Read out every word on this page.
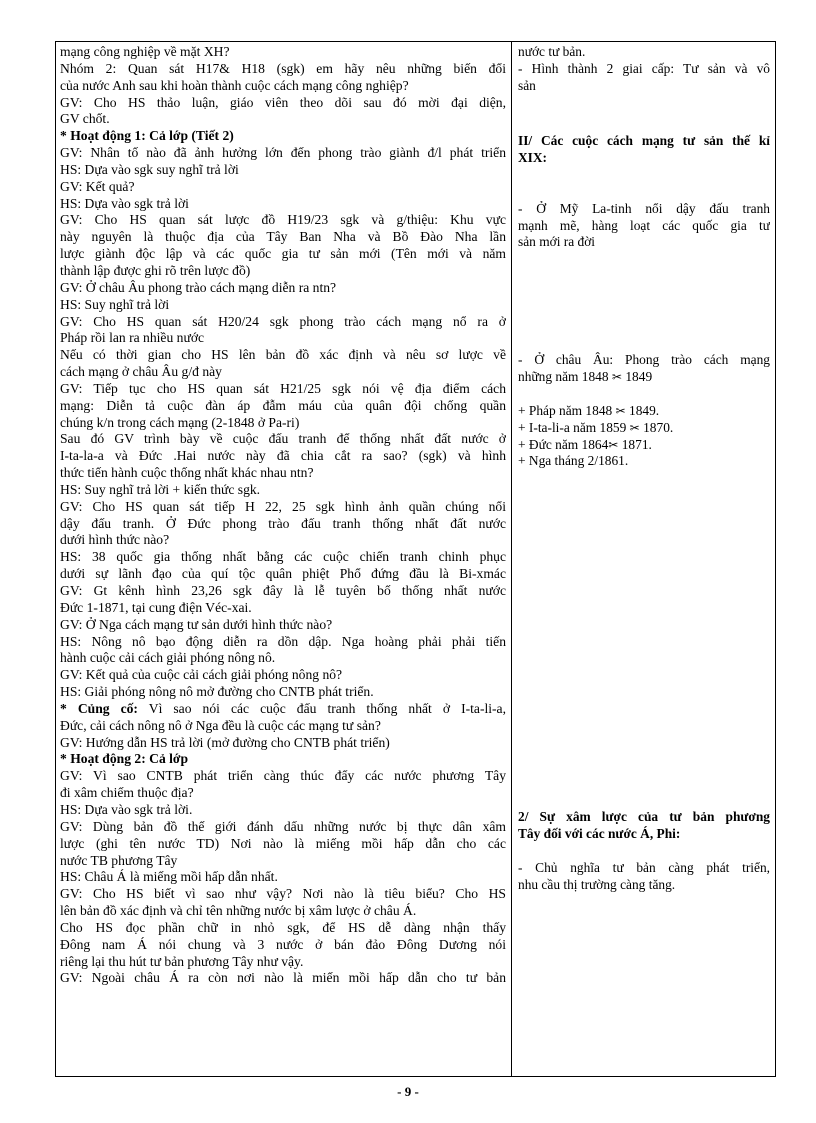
mạng công nghiệp về mặt XH?
Nhóm 2: Quan sát H17& H18 (sgk) em hãy nêu những biến đổi
của nước Anh sau khi hoàn thành cuộc cách mạng công nghiệp?
GV: Cho HS thảo luận, giáo viên theo dõi sau đó mời đại diện,
GV chốt.
* Hoạt động 1: Cả lớp (Tiết 2)
GV: Nhân tố nào đã ảnh hưởng lớn đến phong trào giành đ/l phát triển
HS: Dựa vào sgk suy nghĩ trả lời
GV: Kết quả?
HS: Dựa vào sgk trả lời
GV: Cho HS quan sát lược đồ H19/23 sgk và g/thiệu: Khu vực
này nguyên là thuộc địa của Tây Ban Nha và Bồ Đào Nha lần
lược giành độc lập và các quốc gia tư sản mới (Tên mới và năm
thành lập được ghi rõ trên lược đồ)
GV: Ở châu Âu phong trào cách mạng diễn ra ntn?
HS: Suy nghĩ trả lời
GV: Cho HS quan sát H20/24 sgk phong trào cách mạng nổ ra ở
Pháp rồi lan ra nhiều nước
Nếu có thời gian cho HS lên bản đồ xác định và nêu sơ lược về
cách mạng ở châu Âu g/đ này
GV: Tiếp tục cho HS quan sát H21/25 sgk nói vệ địa điểm cách
mạng: Diễn tả cuộc đàn áp đẫm máu của quân đội chống quần
chúng k/n trong cách mạng (2-1848 ở Pa-ri)
Sau đó GV trình bày về cuộc đấu tranh để thống nhất đất nước ở
I-ta-la-a và Đức .Hai nước này đã chia cắt ra sao? (sgk) và hình
thức tiến hành cuộc thống nhất khác nhau ntn?
HS: Suy nghĩ trả lời + kiến thức sgk.
GV: Cho HS quan sát tiếp H 22, 25 sgk hình ảnh quần chúng nổi
dậy đấu tranh. Ở Đức phong trào đấu tranh thống nhất đất nước
dưới hình thức nào?
HS: 38 quốc gia thống nhất bằng các cuộc chiến tranh chinh phục
dưới sự lãnh đạo của quí tộc quân phiệt Phổ đứng đầu là Bi-xmác
GV: Gt kênh hình 23,26 sgk đây là lễ tuyên bố thống nhất nước
Đức 1-1871, tại cung điện Véc-xai.
GV: Ở Nga cách mạng tư sản dưới hình thức nào?
HS: Nông nô bạo động diễn ra dồn dập. Nga hoàng phải phải tiến
hành cuộc cải cách giải phóng nông nô.
GV: Kết quả của cuộc cải cách giải phóng nông nô?
HS: Giải phóng nông nô mở đường cho CNTB phát triển.
* Củng cố: Vì sao nói các cuộc đấu tranh thống nhất ở I-ta-li-a,
Đức, cải cách nông nô ở Nga đều là cuộc các mạng tư sản?
GV: Hướng dẫn HS trả lời (mở đường cho CNTB phát triển)
* Hoạt động 2: Cả lớp
GV: Vì sao CNTB phát triển càng thúc đẩy các nước phương Tây
đi xâm chiếm thuộc địa?
HS: Dựa vào sgk trả lời.
GV: Dùng bản đồ thế giới đánh dấu những nước bị thực dân xâm
lược (ghi tên nước TD) Nơi nào là miếng mồi hấp dẫn cho các
nước TB phương Tây
HS: Châu Á là miếng mồi hấp dẫn nhất.
GV: Cho HS biết vì sao như vậy? Nơi nào là tiêu biểu? Cho HS
lên bản đồ xác định và chỉ tên những nước bị xâm lược ở châu Á.
Cho HS đọc phần chữ in nhỏ sgk, để HS dễ dàng nhận thấy
Đông nam Á nói chung và 3 nước ở bán đảo Đông Dương nói
riêng lại thu hút tư bản phương Tây như vậy.
GV: Ngoài châu Á ra còn nơi nào là miến mồi hấp dẫn cho tư bản
nước tư bản.
- Hình thành 2 giai cấp: Tư sản và vô
sản
II/ Các cuộc cách mạng tư sản thế kỉ
XIX:
- Ở Mỹ La-tinh nổi dậy đấu tranh
mạnh mẽ, hàng loạt các quốc gia tư
sản mới ra đời
- Ở châu Âu: Phong trào cách mạng
những năm 1848 ✂ 1849
+ Pháp năm 1848 ✂ 1849.
+ I-ta-li-a năm 1859 ✂ 1870.
+ Đức năm 1864✂ 1871.
+ Nga tháng 2/1861.
2/ Sự xâm lược của tư bản phương
Tây đối với các nước Á, Phi:
- Chủ nghĩa tư bản càng phát triển,
nhu cầu thị trường càng tăng.
- 9 -
